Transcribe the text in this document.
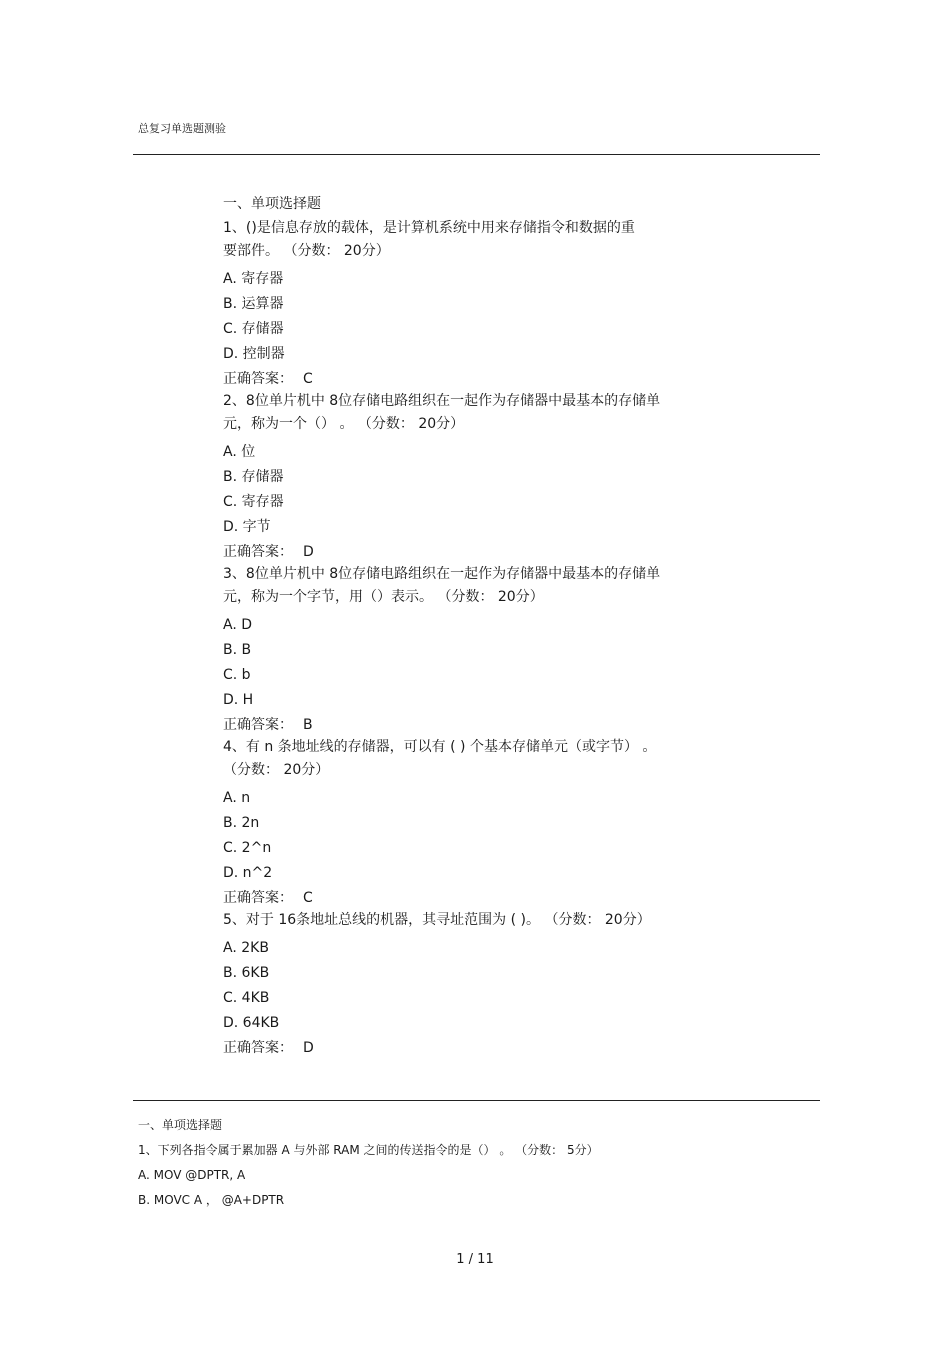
总复习单选题测验
一、单项选择题
1、()是信息存放的载体，是计算机系统中用来存储指令和数据的重
要部件。 （分数： 20分）
A. 寄存器
B. 运算器
C. 存储器
D. 控制器
正确答案： C
2、8位单片机中 8位存储电路组织在一起作为存储器中最基本的存储单
元，称为一个（） 。 （分数： 20分）
A. 位
B. 存储器
C. 寄存器
D. 字节
正确答案： D
3、8位单片机中 8位存储电路组织在一起作为存储器中最基本的存储单
元，称为一个字节，用（）表示。 （分数： 20分）
A. D
B. B
C. b
D. H
正确答案： B
4、有 n 条地址线的存储器，可以有 ( ) 个基本存储单元（或字节） 。
（分数： 20分）
A. n
B. 2n
C. 2^n
D. n^2
正确答案： C
5、对于 16条地址总线的机器，其寻址范围为 ( )。 （分数： 20分）
A. 2KB
B. 6KB
C. 4KB
D. 64KB
正确答案： D
一、单项选择题
1、下列各指令属于累加器 A 与外部 RAM 之间的传送指令的是（） 。 （分数： 5分）
A. MOV @DPTR, A
B. MOVC A ， @A+DPTR
1 / 11
